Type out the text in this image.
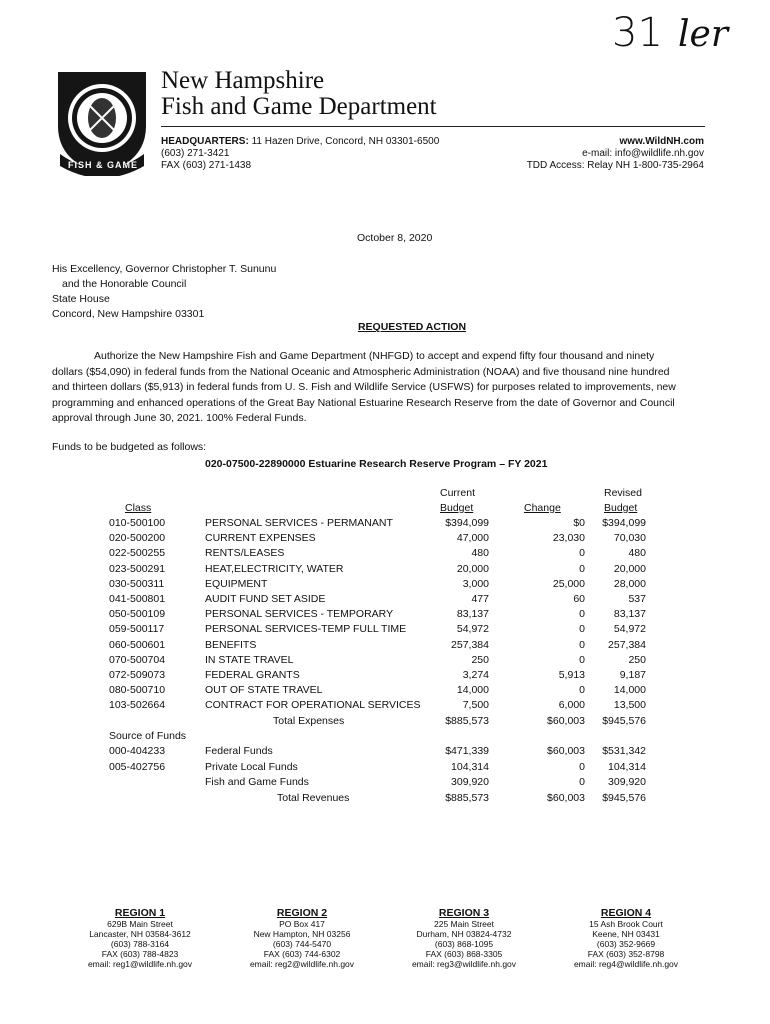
31 ler
FISH & GAME
New Hampshire
Fish and Game Department
HEADQUARTERS: 11 Hazen Drive, Concord, NH 03301-6500
(603) 271-3421
FAX (603) 271-1438
www.WildNH.com
e-mail: info@wildlife.nh.gov
TDD Access: Relay NH 1-800-735-2964
October 8, 2020
His Excellency, Governor Christopher T. Sununu
and the Honorable Council
State House
Concord, New Hampshire 03301
REQUESTED ACTION
Authorize the New Hampshire Fish and Game Department (NHFGD) to accept and expend fifty four thousand and ninety dollars ($54,090) in federal funds from the National Oceanic and Atmospheric Administration (NOAA) and five thousand nine hundred and thirteen dollars ($5,913) in federal funds from U. S. Fish and Wildlife Service (USFWS) for purposes related to improvements, new programming and enhanced operations of the Great Bay National Estuarine Research Reserve from the date of Governor and Council approval through June 30, 2021. 100% Federal Funds.
Funds to be budgeted as follows:
020-07500-22890000 Estuarine Research Reserve Program – FY 2021
Current	Revised
Class	Budget	Change	Budget
010-500100	PERSONAL SERVICES - PERMANANT	$394,099	$0 $394,099
020-500200	CURRENT EXPENSES	47,000	23,030	70,030
022-500255	RENTS/LEASES	480	0	480
023-500291	HEAT,ELECTRICITY, WATER	20,000	0	20,000
030-500311	EQUIPMENT	3,000	25,000	28,000
041-500801	AUDIT FUND SET ASIDE	477	60	537
050-500109	PERSONAL SERVICES - TEMPORARY	83,137	0	83,137
059-500117	PERSONAL SERVICES-TEMP FULL TIME	54,972	0	54,972
060-500601	BENEFITS	257,384	0 257,384
070-500704	IN STATE TRAVEL	250	0	250
072-509073	FEDERAL GRANTS	3,274	5,913	9,187
080-500710	OUT OF STATE TRAVEL	14,000	0	14,000
103-502664	CONTRACT FOR OPERATIONAL SERVICES	7,500	6,000	13,500
Total Expenses	$885,573	$60,003 $945,576
Source of Funds
000-404233	Federal Funds	$471,339	$60,003 $531,342
005-402756	Private Local Funds	104,314	0 104,314
Fish and Game Funds	309,920	0 309,920
Total Revenues	$885,573	$60,003 $945,576
REGION 1
629B Main Street
Lancaster, NH 03584-3612
(603) 788-3164
FAX (603) 788-4823
email: reg1@wildlife.nh.gov
REGION 2
PO Box 417
New Hampton, NH 03256
(603) 744-5470
FAX (603) 744-6302
email: reg2@wildlife.nh.gov
REGION 3
225 Main Street
Durham, NH 03824-4732
(603) 868-1095
FAX (603) 868-3305
email: reg3@wildlife.nh.gov
REGION 4
15 Ash Brook Court
Keene, NH 03431
(603) 352-9669
FAX (603) 352-8798
email: reg4@wildlife.nh.gov
